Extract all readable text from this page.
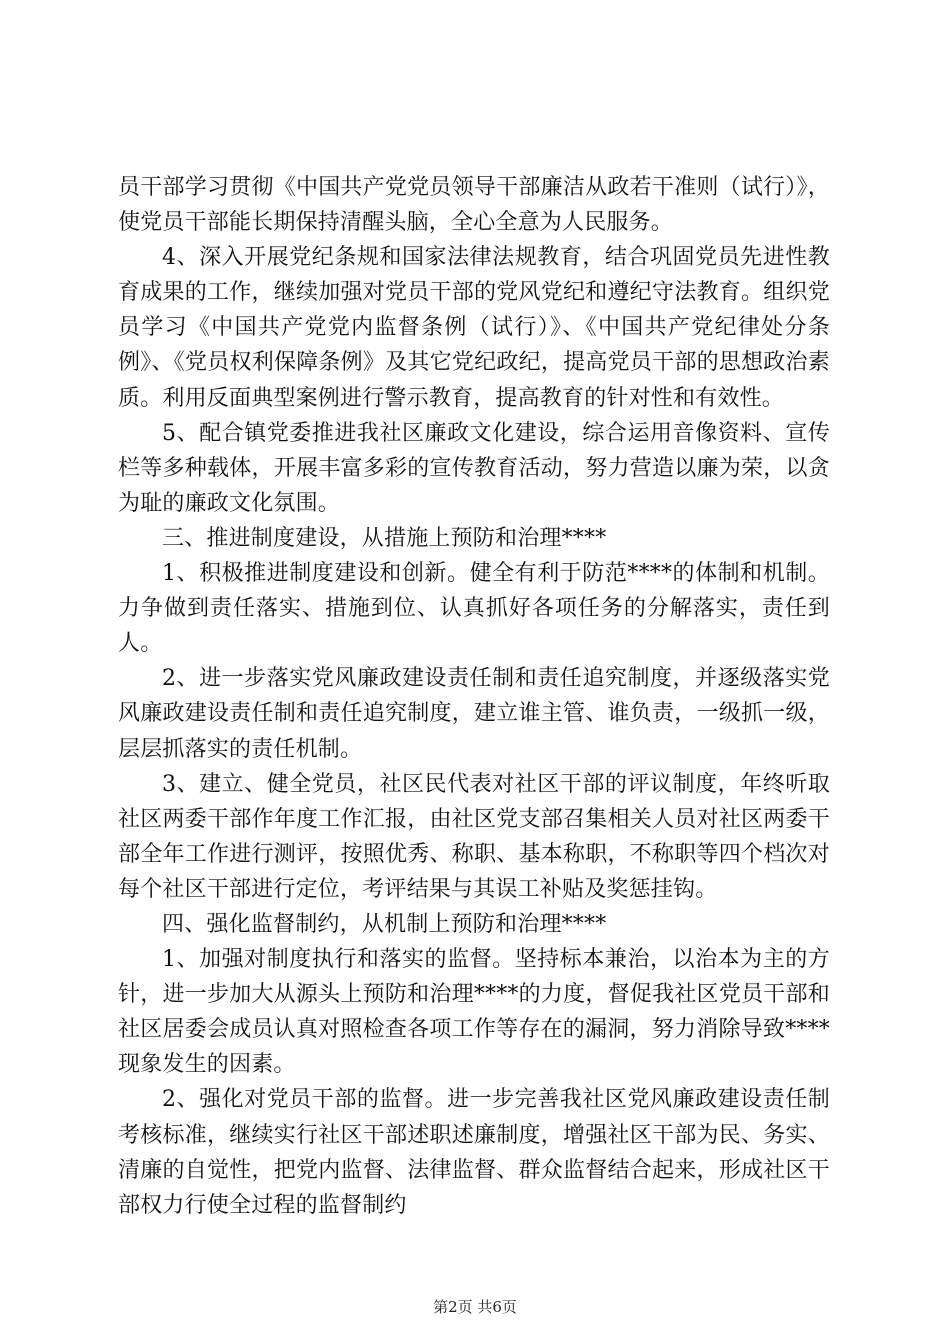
员干部学习贯彻《中国共产党党员领导干部廉洁从政若干准则（试行）》，使党员干部能长期保持清醒头脑，全心全意为人民服务。

4、深入开展党纪条规和国家法律法规教育，结合巩固党员先进性教育成果的工作，继续加强对党员干部的党风党纪和遵纪守法教育。组织党员学习《中国共产党党内监督条例（试行）》、《中国共产党纪律处分条例》、《党员权利保障条例》及其它党纪政纪，提高党员干部的思想政治素质。利用反面典型案例进行警示教育，提高教育的针对性和有效性。

5、配合镇党委推进我社区廉政文化建设，综合运用音像资料、宣传栏等多种载体，开展丰富多彩的宣传教育活动，努力营造以廉为荣，以贪为耻的廉政文化氛围。

三、推进制度建设，从措施上预防和治理****

1、积极推进制度建设和创新。健全有利于防范****的体制和机制。力争做到责任落实、措施到位、认真抓好各项任务的分解落实，责任到人。

2、进一步落实党风廉政建设责任制和责任追究制度，并逐级落实党风廉政建设责任制和责任追究制度，建立谁主管、谁负责，一级抓一级，层层抓落实的责任机制。

3、建立、健全党员，社区民代表对社区干部的评议制度，年终听取社区两委干部作年度工作汇报，由社区党支部召集相关人员对社区两委干部全年工作进行测评，按照优秀、称职、基本称职，不称职等四个档次对每个社区干部进行定位，考评结果与其误工补贴及奖惩挂钩。

四、强化监督制约，从机制上预防和治理****

1、加强对制度执行和落实的监督。坚持标本兼治，以治本为主的方针，进一步加大从源头上预防和治理****的力度，督促我社区党员干部和社区居委会成员认真对照检查各项工作等存在的漏洞，努力消除导致****现象发生的因素。

2、强化对党员干部的监督。进一步完善我社区党风廉政建设责任制考核标准，继续实行社区干部述职述廉制度，增强社区干部为民、务实、清廉的自觉性，把党内监督、法律监督、群众监督结合起来，形成社区干部权力行使全过程的监督制约

第2页 共6页
